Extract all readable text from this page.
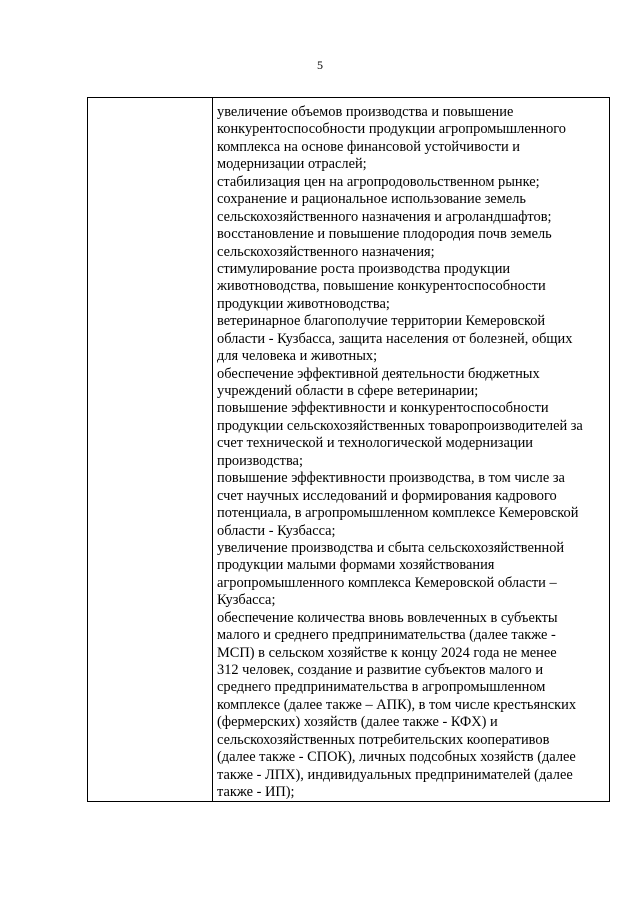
5
увеличение объемов производства и повышение
конкурентоспособности продукции агропромышленного
комплекса на основе финансовой устойчивости и
модернизации отраслей;
стабилизация цен на агропродовольственном рынке;
сохранение и рациональное использование земель
сельскохозяйственного назначения и агроландшафтов;
восстановление и повышение плодородия почв земель
сельскохозяйственного назначения;
стимулирование роста производства продукции
животноводства, повышение конкурентоспособности
продукции животноводства;
ветеринарное благополучие территории Кемеровской
области - Кузбасса, защита населения от болезней, общих
для человека и животных;
обеспечение эффективной деятельности бюджетных
учреждений области в сфере ветеринарии;
повышение эффективности и конкурентоспособности
продукции сельскохозяйственных товаропроизводителей за
счет технической и технологической модернизации
производства;
повышение эффективности производства, в том числе за
счет научных исследований и формирования кадрового
потенциала, в агропромышленном комплексе Кемеровской
области - Кузбасса;
увеличение производства и сбыта сельскохозяйственной
продукции малыми формами хозяйствования
агропромышленного комплекса Кемеровской области –
Кузбасса;
обеспечение количества вновь вовлеченных в субъекты
малого и среднего предпринимательства (далее также -
МСП) в сельском хозяйстве к концу 2024 года не менее
312 человек, создание и развитие субъектов малого и
среднего предпринимательства в агропромышленном
комплексе (далее также – АПК), в том числе крестьянских
(фермерских) хозяйств (далее также - КФХ) и
сельскохозяйственных потребительских кооперативов
(далее также - СПОК), личных подсобных хозяйств (далее
также - ЛПХ), индивидуальных предпринимателей (далее
также - ИП);
